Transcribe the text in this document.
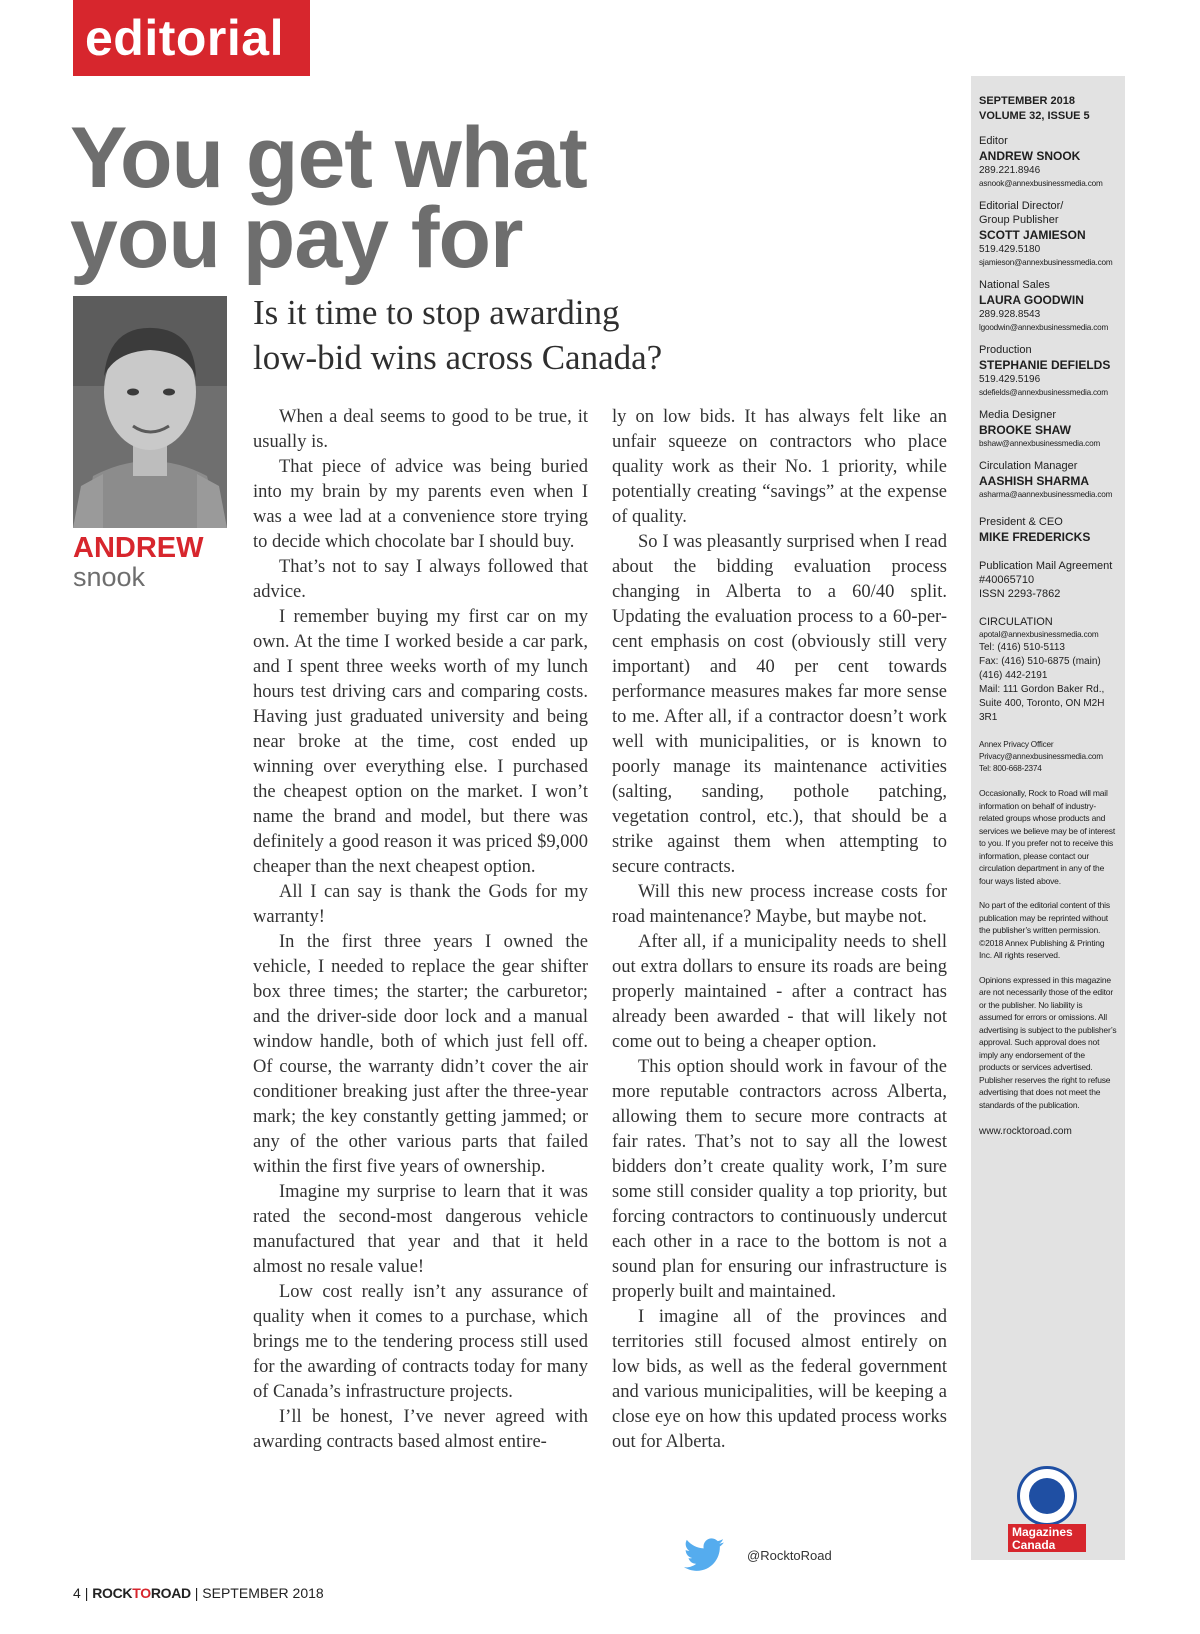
editorial
You get what
you pay for
ANDREW
snook
Is it time to stop awarding
low-bid wins across Canada?

When a deal seems to good to be true, it usually is.

That piece of advice was being buried into my brain by my parents even when I was a wee lad at a convenience store trying to decide which chocolate bar I should buy.

That’s not to say I always followed that advice.

I remember buying my first car on my own. At the time I worked beside a car park, and I spent three weeks worth of my lunch hours test driving cars and comparing costs. Having just graduated university and being near broke at the time, cost ended up winning over everything else. I purchased the cheapest option on the market. I won’t name the brand and model, but there was definitely a good reason it was priced $9,000 cheaper than the next cheapest option.

All I can say is thank the Gods for my warranty!

In the first three years I owned the vehicle, I needed to replace the gear shifter box three times; the starter; the carburetor; and the driver-side door lock and a manual window handle, both of which just fell off. Of course, the warranty didn’t cover the air conditioner breaking just after the three-year mark; the key constantly getting jammed; or any of the other various parts that failed within the first five years of ownership.

Imagine my surprise to learn that it was rated the second-most dangerous vehicle manufactured that year and that it held almost no resale value!

Low cost really isn’t any assurance of quality when it comes to a purchase, which brings me to the tendering process still used for the awarding of contracts today for many of Canada’s infrastructure projects.

I’ll be honest, I’ve never agreed with awarding contracts based almost entire-

ly on low bids. It has always felt like an unfair squeeze on contractors who place quality work as their No. 1 priority, while potentially creating “savings” at the expense of quality.

So I was pleasantly surprised when I read about the bidding evaluation process changing in Alberta to a 60/40 split. Updating the evaluation process to a 60-per-cent emphasis on cost (obviously still very important) and 40 per cent towards performance measures makes far more sense to me. After all, if a contractor doesn’t work well with municipalities, or is known to poorly manage its maintenance activities (salting, sanding, pothole patching, vegetation control, etc.), that should be a strike against them when attempting to secure contracts.

Will this new process increase costs for road maintenance? Maybe, but maybe not.

After all, if a municipality needs to shell out extra dollars to ensure its roads are being properly maintained - after a contract has already been awarded - that will likely not come out to being a cheaper option.

This option should work in favour of the more reputable contractors across Alberta, allowing them to secure more contracts at fair rates. That’s not to say all the lowest bidders don’t create quality work, I’m sure some still consider quality a top priority, but forcing contractors to continuously undercut each other in a race to the bottom is not a sound plan for ensuring our infrastructure is properly built and maintained.

I imagine all of the provinces and territories still focused almost entirely on low bids, as well as the federal government and various municipalities, will be keeping a close eye on how this updated process works out for Alberta.

@RocktoRoad
SEPTEMBER 2018
VOLUME 32, ISSUE 5
Editor
ANDREW SNOOK
289.221.8946
asnook@annexbusinessmedia.com
Editorial Director/
Group Publisher
SCOTT JAMIESON
519.429.5180
sjamieson@annexbusinessmedia.com
National Sales
LAURA GOODWIN
289.928.8543
lgoodwin@annexbusinessmedia.com
Production
STEPHANIE DEFIELDS
519.429.5196
sdefields@annexbusinessmedia.com
Media Designer
BROOKE SHAW
bshaw@annexbusinessmedia.com
Circulation Manager
AASHISH SHARMA
asharma@aannexbusinessmedia.com
President & CEO
MIKE FREDERICKS
Publication Mail Agreement
#40065710
ISSN 2293-7862
CIRCULATION
apotal@annexbusinessmedia.com
Tel: (416) 510-5113
Fax: (416) 510-6875 (main)
(416) 442-2191
Mail: 111 Gordon Baker Rd.,
Suite 400, Toronto, ON M2H 3R1
Annex Privacy Officer
Privacy@annexbusinessmedia.com
Tel: 800-668-2374
Occasionally, Rock to Road will mail information on behalf of industry-related groups whose products and services we believe may be of interest to you. If you prefer not to receive this information, please contact our circulation department in any of the four ways listed above.
No part of the editorial content of this publication may be reprinted without the publisher’s written permission. ©2018 Annex Publishing & Printing Inc. All rights reserved.
Opinions expressed in this magazine are not necessarily those of the editor or the publisher. No liability is assumed for errors or omissions. All advertising is subject to the publisher’s approval. Such approval does not imply any endorsement of the products or services advertised. Publisher reserves the right to refuse advertising that does not meet the standards of the publication.
www.rocktoroad.com
Magazines
Canada
4 | ROCKTOROAD | SEPTEMBER 2018
